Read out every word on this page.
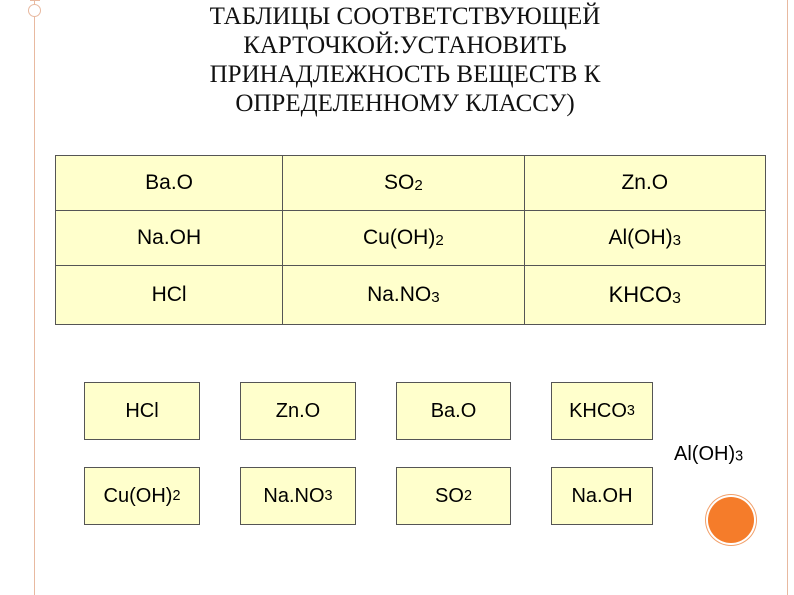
ТАБЛИЦЫ СООТВЕТСТВУЮЩЕЙ
КАРТОЧКОЙ:УСТАНОВИТЬ
ПРИНАДЛЕЖНОСТЬ ВЕЩЕСТВ К
ОПРЕДЕЛЕННОМУ КЛАССУ)
Ba.O	$SO_2$	Zn.O
Na.OH	$Cu(OH)_2$	$Al(OH)_3$
HCl	$Na.NO_3$	$KHCO_3$
HCl	Zn.O	Ba.O	KHCO 3
Cu(OH) 2	Na.NO 3	SO 2	Na.OH
$Al(OH)_3$
